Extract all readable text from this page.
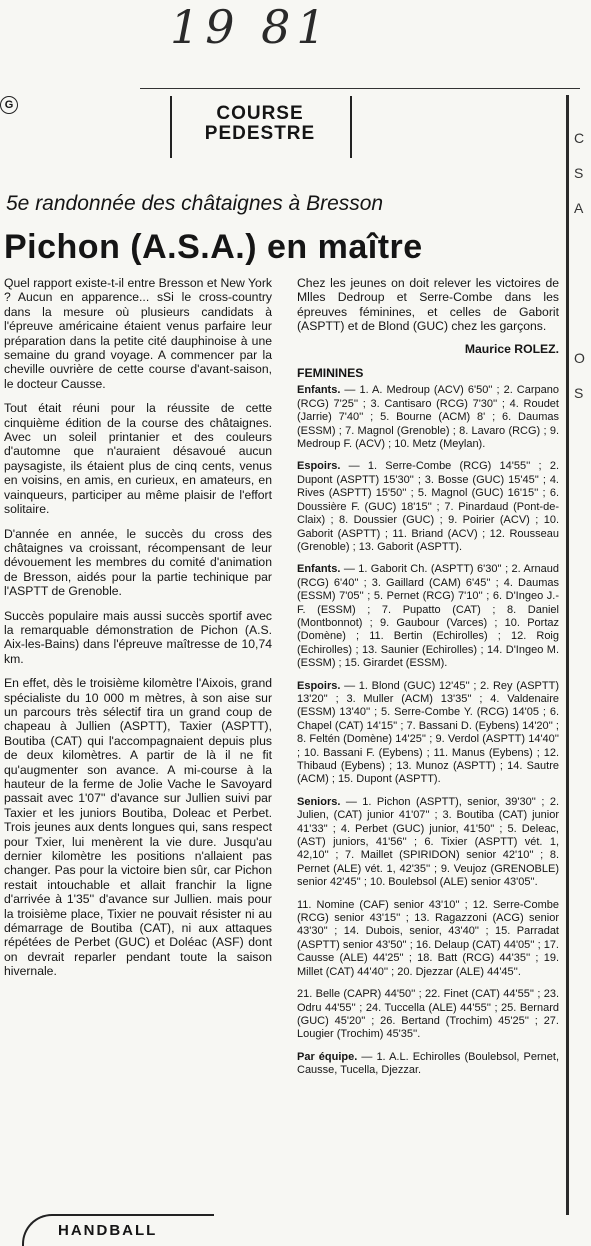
19 81
G	COURSE
PEDESTRE	C
S
A
O
S
5e randonnée des châtaignes à Bresson
Pichon (A.S.A.) en maître

Quel rapport existe-t-il entre Bresson et New York ? Aucun en apparence... sSi le cross-country dans la mesure où plusieurs candidats à l'épreuve américaine étaient venus parfaire leur préparation dans la petite cité dauphinoise à une semaine du grand voyage. A commencer par la cheville ouvrière de cette course d'avant-saison, le docteur Causse.

Tout était réuni pour la réussite de cette cinquième édition de la course des châtaignes. Avec un soleil printanier et des couleurs d'automne que n'auraient désavoué aucun paysagiste, ils étaient plus de cinq cents, venus en voisins, en amis, en curieux, en amateurs, en vainqueurs, participer au même plaisir de l'effort solitaire.

D'année en année, le succès du cross des châtaignes va croissant, récompensant de leur dévouement les membres du comité d'animation de Bresson, aidés pour la partie techinique par l'ASPTT de Grenoble.

Succès populaire mais aussi succès sportif avec la remarquable démonstration de Pichon (A.S. Aix-les-Bains) dans l'épreuve maîtresse de 10,74 km.

En effet, dès le troisième kilomètre l'Aixois, grand spécialiste du 10 000 m mètres, à son aise sur un parcours très sélectif tira un grand coup de chapeau à Jullien (ASPTT), Taxier (ASPTT), Boutiba (CAT) qui l'accompagnaient depuis plus de deux kilomètres. A partir de là il ne fit qu'augmenter son avance. A mi-course à la hauteur de la ferme de Jolie Vache le Savoyard passait avec 1'07'' d'avance sur Jullien suivi par Taxier et les juniors Boutiba, Doleac et Perbet. Trois jeunes aux dents longues qui, sans respect pour Txier, lui menèrent la vie dure. Jusqu'au dernier kilomètre les positions n'allaient pas changer. Pas pour la victoire bien sûr, car Pichon restait intouchable et allait franchir la ligne d'arrivée à 1'35'' d'avance sur Jullien. mais pour la troisième place, Tixier ne pouvait résister ni au démarrage de Boutiba (CAT), ni aux attaques répétées de Perbet (GUC) et Doléac (ASF) dont on devrait reparler pendant toute la saison hivernale.

Chez les jeunes on doit relever les victoires de Mlles Dedroup et Serre-Combe dans les épreuves féminines, et celles de Gaborit (ASPTT) et de Blond (GUC) chez les garçons.

Maurice ROLEZ.

FEMININES

Enfants. — 1. A. Medroup (ACV) 6'50'' ; 2. Carpano (RCG) 7'25'' ; 3. Cantisaro (RCG) 7'30'' ; 4. Roudet (Jarrie) 7'40'' ; 5. Bourne (ACM) 8' ; 6. Daumas (ESSM) ; 7. Magnol (Grenoble) ; 8. Lavaro (RCG) ; 9. Medroup F. (ACV) ; 10. Metz (Meylan).

Espoirs. — 1. Serre-Combe (RCG) 14'55'' ; 2. Dupont (ASPTT) 15'30'' ; 3. Bosse (GUC) 15'45'' ; 4. Rives (ASPTT) 15'50'' ; 5. Magnol (GUC) 16'15'' ; 6. Doussière F. (GUC) 18'15'' ; 7. Pinardaud (Pont-de-Claix) ; 8. Doussier (GUC) ; 9. Poirier (ACV) ; 10. Gaborit (ASPTT) ; 11. Briand (ACV) ; 12. Rousseau (Grenoble) ; 13. Gaborit (ASPTT).

Enfants. — 1. Gaborit Ch. (ASPTT) 6'30'' ; 2. Arnaud (RCG) 6'40'' ; 3. Gaillard (CAM) 6'45'' ; 4. Daumas (ESSM) 7'05'' ; 5. Pernet (RCG) 7'10'' ; 6. D'Ingeo J.-F. (ESSM) ; 7. Pupatto (CAT) ; 8. Daniel (Montbonnot) ; 9. Gaubour (Varces) ; 10. Portaz (Domène) ; 11. Bertin (Echirolles) ; 12. Roig (Echirolles) ; 13. Saunier (Echirolles) ; 14. D'Ingeo M. (ESSM) ; 15. Girardet (ESSM).

Espoirs. — 1. Blond (GUC) 12'45'' ; 2. Rey (ASPTT) 13'20'' ; 3. Muller (ACM) 13'35'' ; 4. Valdenaire (ESSM) 13'40'' ; 5. Serre-Combe Y. (RCG) 14'05 ; 6. Chapel (CAT) 14'15'' ; 7. Bassani D. (Eybens) 14'20'' ; 8. Feltén (Domène) 14'25'' ; 9. Verdol (ASPTT) 14'40'' ; 10. Bassani F. (Eybens) ; 11. Manus (Eybens) ; 12. Thibaud (Eybens) ; 13. Munoz (ASPTT) ; 14. Sautre (ACM) ; 15. Dupont (ASPTT).

Seniors. — 1. Pichon (ASPTT), senior, 39'30'' ; 2. Julien, (CAT) junior 41'07'' ; 3. Boutiba (CAT) junior 41'33'' ; 4. Perbet (GUC) junior, 41'50'' ; 5. Deleac, (AST) juniors, 41'56'' ; 6. Tixier (ASPTT) vét. 1, 42,10'' ; 7. Maillet (SPIRIDON) senior 42'10'' ; 8. Pernet (ALE) vét. 1, 42'35'' ; 9. Veujoz (GRENOBLE) senior 42'45'' ; 10. Boulebsol (ALE) senior 43'05''.

11. Nomine (CAF) senior 43'10'' ; 12. Serre-Combe (RCG) senior 43'15'' ; 13. Ragazzoni (ACG) senior 43'30'' ; 14. Dubois, senior, 43'40'' ; 15. Parradat (ASPTT) senior 43'50'' ; 16. Delaup (CAT) 44'05'' ; 17. Causse (ALE) 44'25'' ; 18. Batt (RCG) 44'35'' ; 19. Millet (CAT) 44'40'' ; 20. Djezzar (ALE) 44'45''.

21. Belle (CAPR) 44'50'' ; 22. Finet (CAT) 44'55'' ; 23. Odru 44'55'' ; 24. Tuccella (ALE) 44'55'' ; 25. Bernard (GUC) 45'20'' ; 26. Bertand (Trochim) 45'25'' ; 27. Lougier (Trochim) 45'35''.

Par équipe. — 1. A.L. Echirolles (Boulebsol, Pernet, Causse, Tucella, Djezzar.

HANDBALL
